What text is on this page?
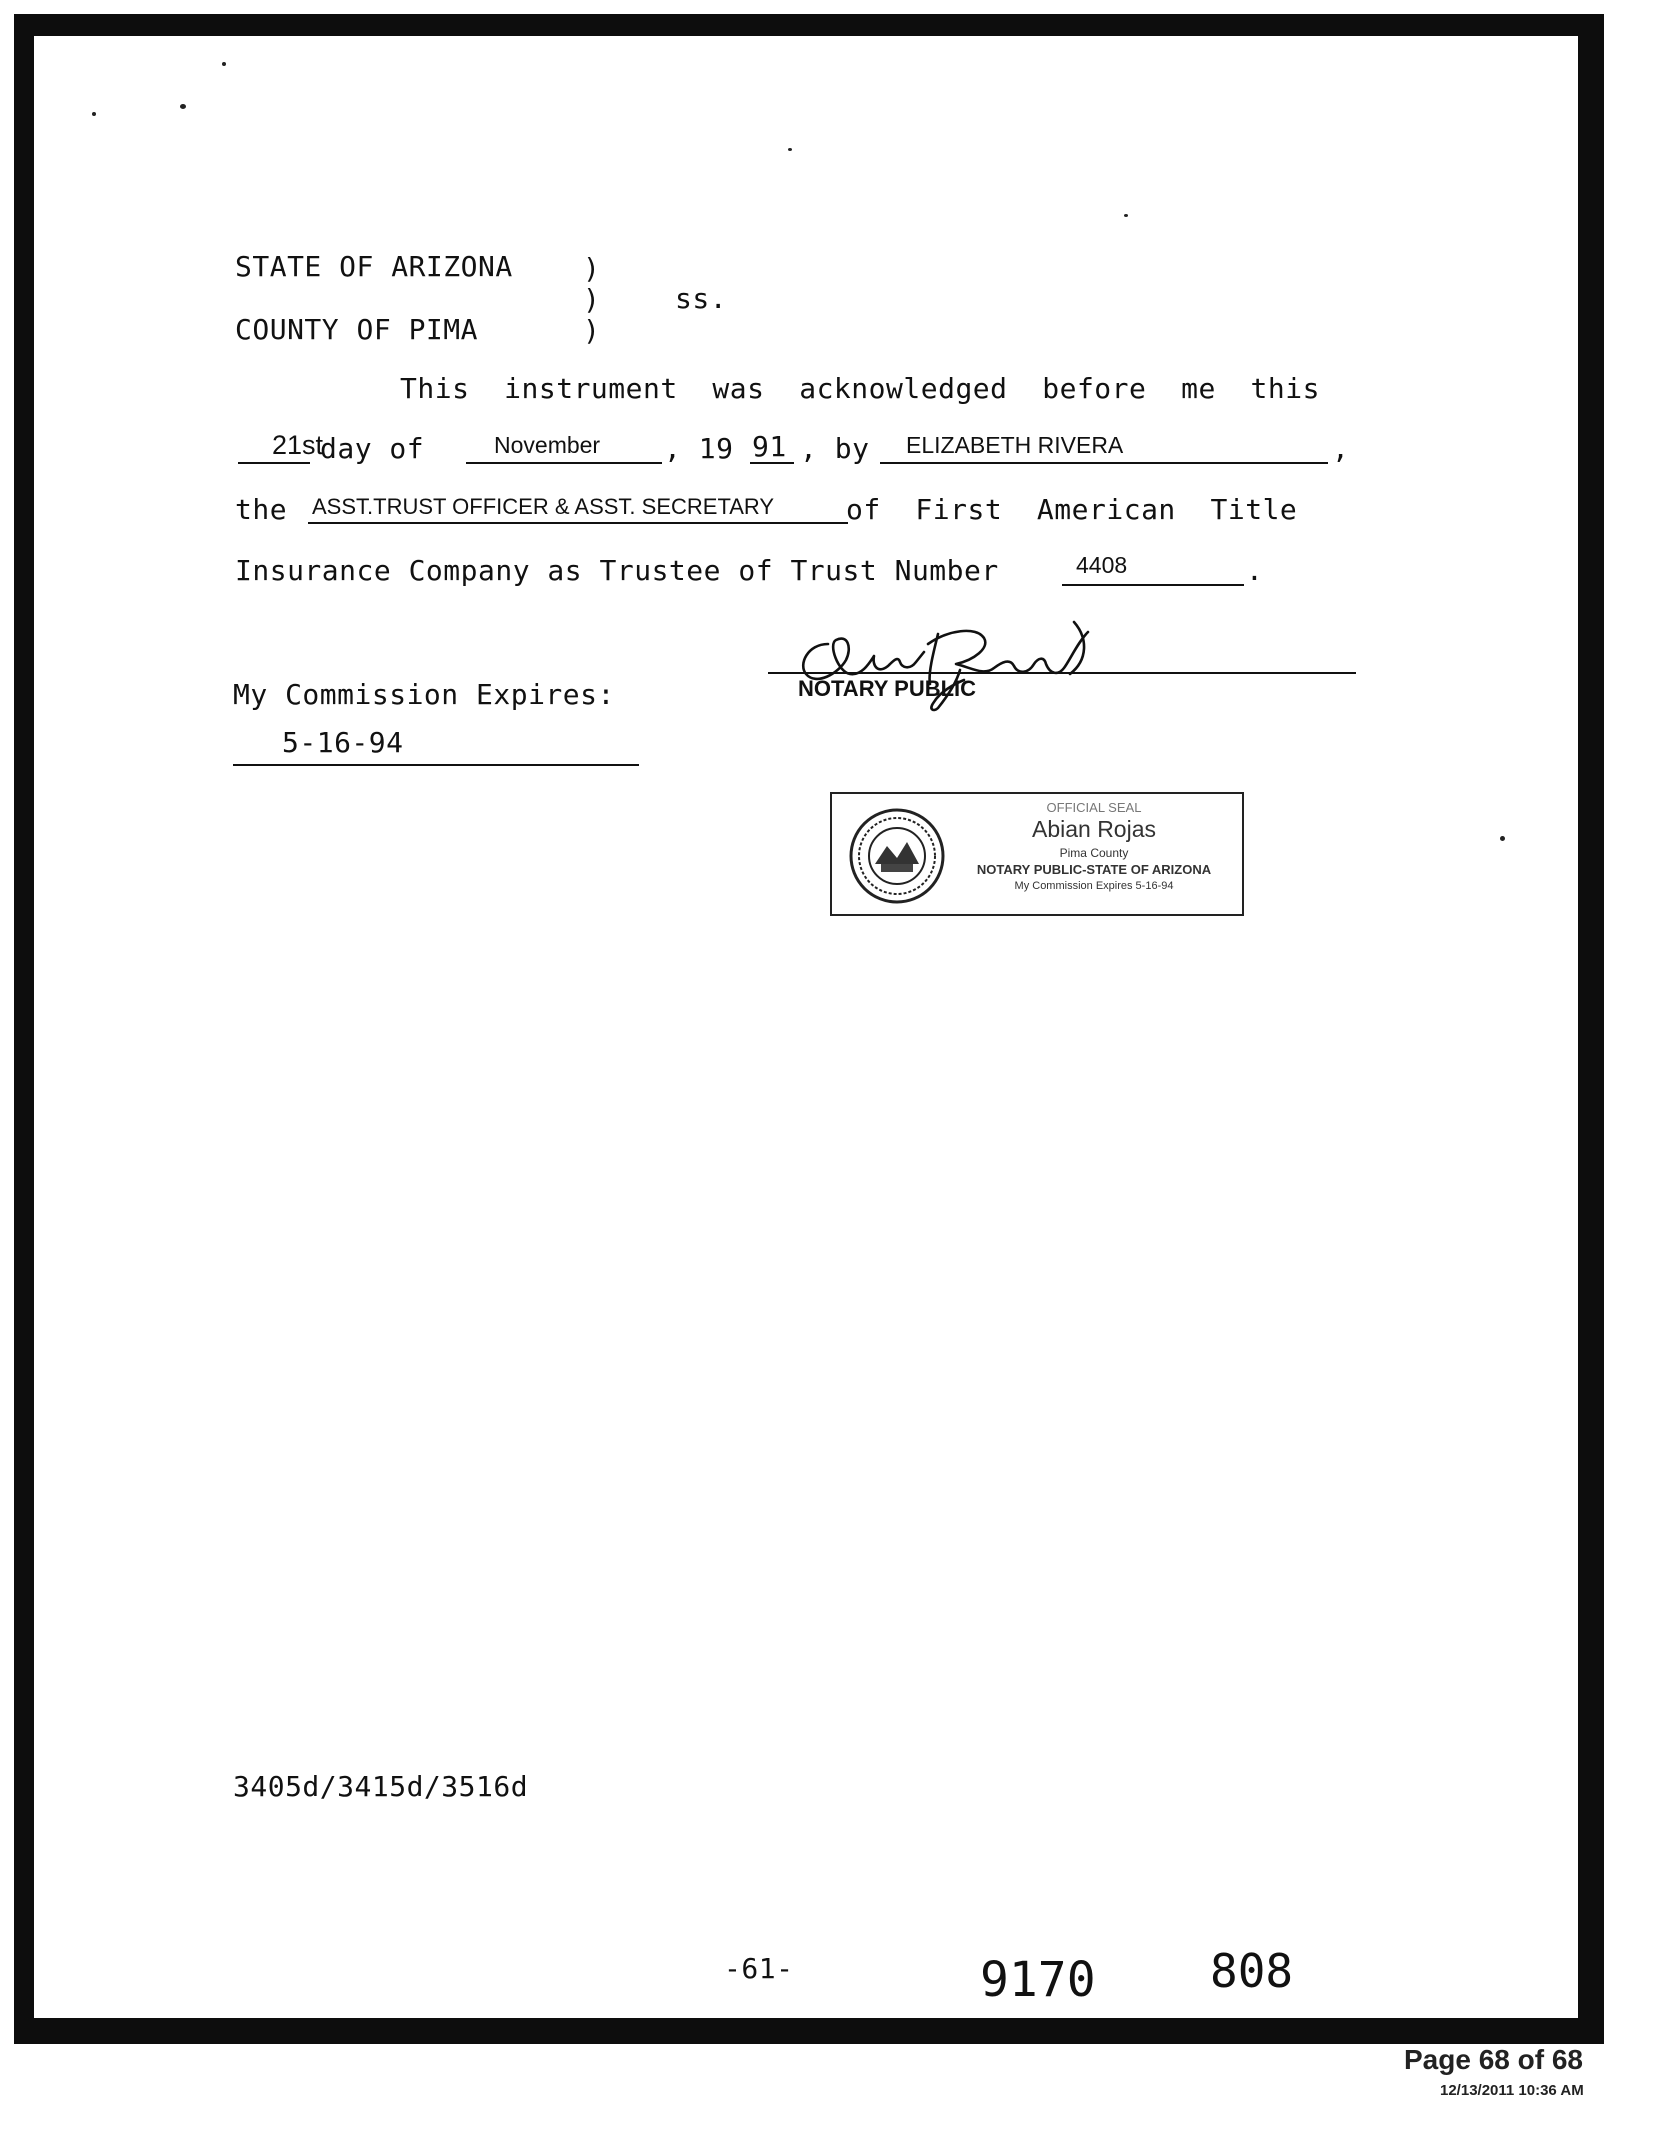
STATE OF ARIZONA	)
)	ss.
)
COUNTY OF PIMA
This  instrument  was  acknowledged  before  me  this
21st
day of	November , 19 91 , by ELIZABETH RIVERA	,
the ASST.TRUST OFFICER & ASST. SECRETARY	of  First  American  Title
Insurance Company as Trustee of Trust Number	4408	.
NOTARY PUBLIC
My Commission Expires:
5-16-94
OFFICIAL SEAL
Abian Rojas
Pima County
NOTARY PUBLIC-STATE OF ARIZONA
My Commission Expires 5-16-94
3405d/3415d/3516d
-61-	9170 808
Page 68 of 68
12/13/2011 10:36 AM
